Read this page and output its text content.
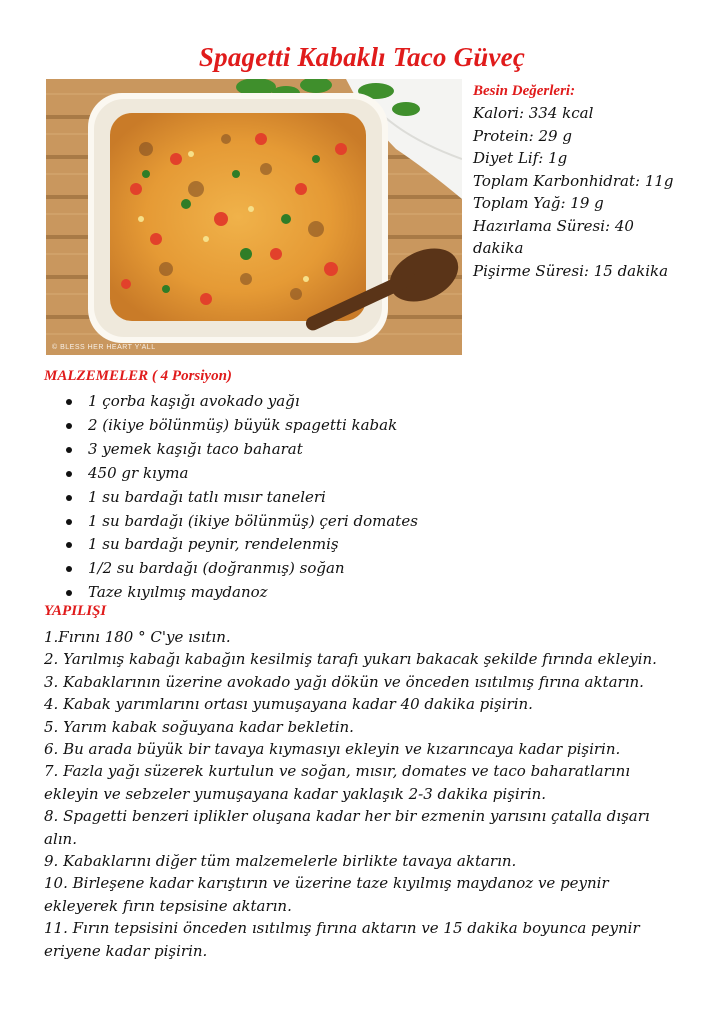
Spagetti Kabaklı Taco Güveç
© BLESS HER HEART Y'ALL
Besin Değerleri:
Kalori: 334 kcal
Protein: 29 g
Diyet Lif: 1g
Toplam Karbonhidrat: 11g
Toplam Yağ: 19 g
Hazırlama Süresi: 40
dakika
Pişirme Süresi: 15 dakika
MALZEMELER ( 4 Porsiyon)
1 çorba kaşığı avokado yağı
2 (ikiye bölünmüş) büyük spagetti kabak
3 yemek kaşığı taco baharat
450 gr kıyma
1 su bardağı tatlı mısır taneleri
1 su bardağı (ikiye bölünmüş) çeri domates
1 su bardağı peynir, rendelenmiş
1/2 su bardağı (doğranmış) soğan
Taze kıyılmış maydanoz
YAPILIŞI

1.Fırını 180 ° C'ye ısıtın.

2. Yarılmış kabağı kabağın kesilmiş tarafı yukarı bakacak şekilde fırında ekleyin.

3. Kabaklarının üzerine avokado yağı dökün ve önceden ısıtılmış fırına aktarın.

4. Kabak yarımlarını ortası yumuşayana kadar 40 dakika pişirin.

5. Yarım kabak soğuyana kadar bekletin.

6. Bu arada büyük bir tavaya kıymasıyı ekleyin ve kızarıncaya kadar pişirin.

7. Fazla yağı süzerek kurtulun ve soğan, mısır, domates ve taco baharatlarını

ekleyin ve sebzeler yumuşayana kadar yaklaşık 2-3 dakika pişirin.

8. Spagetti benzeri iplikler oluşana kadar her bir ezmenin yarısını çatalla dışarı

alın.

9. Kabaklarını diğer tüm malzemelerle birlikte tavaya aktarın.

10. Birleşene kadar karıştırın ve üzerine taze kıyılmış maydanoz ve peynir

ekleyerek fırın tepsisine aktarın.

11. Fırın tepsisini önceden ısıtılmış fırına aktarın ve 15 dakika boyunca peynir

eriyene kadar pişirin.
